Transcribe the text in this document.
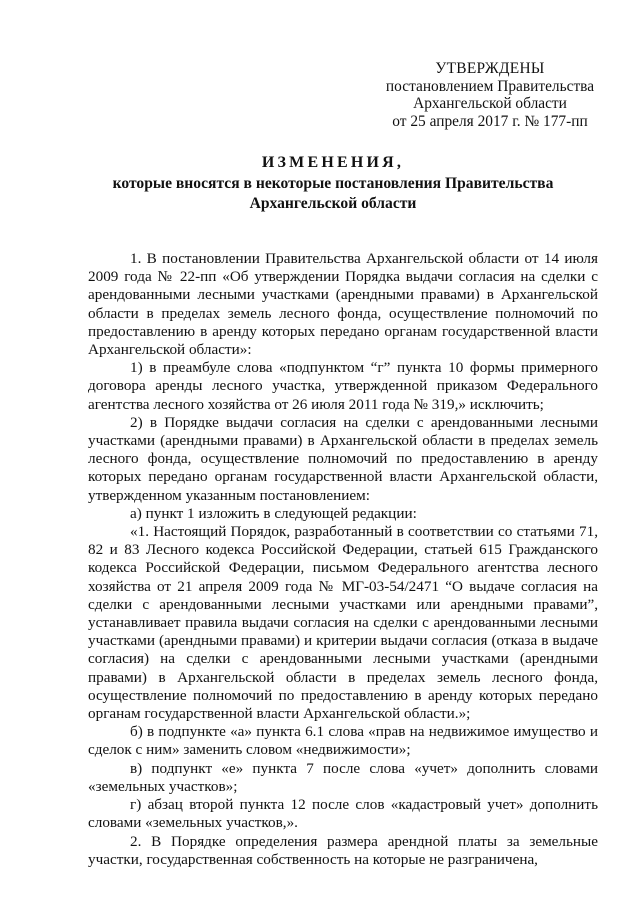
УТВЕРЖДЕНЫ
постановлением Правительства
Архангельской области
от 25 апреля 2017 г. № 177-пп
ИЗМЕНЕНИЯ,
которые вносятся в некоторые постановления Правительства
Архангельской области

1. В постановлении Правительства Архангельской области от 14 июля 2009 года № 22-пп «Об утверждении Порядка выдачи согласия на сделки с арендованными лесными участками (арендными правами) в Архангельской области в пределах земель лесного фонда, осуществление полномочий по предоставлению в аренду которых передано органам государственной власти Архангельской области»:

1) в преамбуле слова «подпунктом “г” пункта 10 формы примерного договора аренды лесного участка, утвержденной приказом Федерального агентства лесного хозяйства от 26 июля 2011 года № 319,» исключить;

2) в Порядке выдачи согласия на сделки с арендованными лесными участками (арендными правами) в Архангельской области в пределах земель лесного фонда, осуществление полномочий по предоставлению в аренду которых передано органам государственной власти Архангельской области, утвержденном указанным постановлением:

а) пункт 1 изложить в следующей редакции:

«1. Настоящий Порядок, разработанный в соответствии со статьями 71, 82 и 83 Лесного кодекса Российской Федерации, статьей 615 Гражданского кодекса Российской Федерации, письмом Федерального агентства лесного хозяйства от 21 апреля 2009 года № МГ-03-54/2471 “О выдаче согласия на сделки с арендованными лесными участками или арендными правами”, устанавливает правила выдачи согласия на сделки с арендованными лесными участками (арендными правами) и критерии выдачи согласия (отказа в выдаче согласия) на сделки с арендованными лесными участками (арендными правами) в Архангельской области в пределах земель лесного фонда, осуществление полномочий по предоставлению в аренду которых передано органам государственной власти Архангельской области.»;

б) в подпункте «а» пункта 6.1 слова «прав на недвижимое имущество и сделок с ним» заменить словом «недвижимости»;

в) подпункт «е» пункта 7 после слова «учет» дополнить словами «земельных участков»;

г) абзац второй пункта 12 после слов «кадастровый учет» дополнить словами «земельных участков,».

2. В Порядке определения размера арендной платы за земельные участки, государственная собственность на которые не разграничена,
